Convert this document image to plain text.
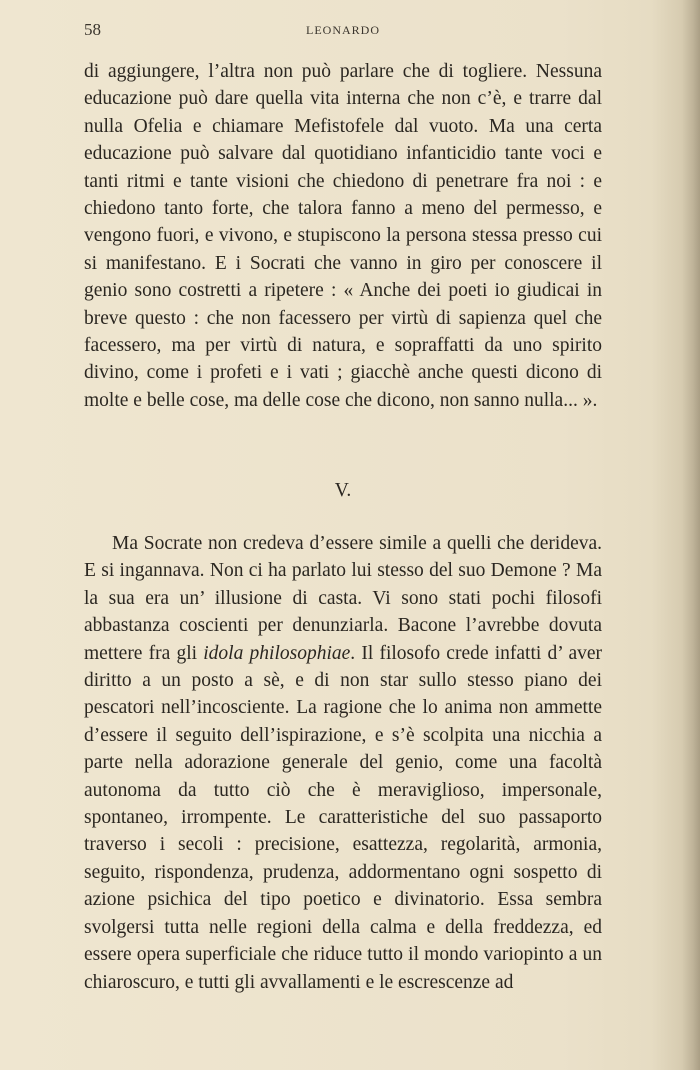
58	LEONARDO

di aggiungere, l’altra non può parlare che di togliere. Nessuna educazione può dare quella vita interna che non c’è, e trarre dal nulla Ofelia e chiamare Mefistofele dal vuoto. Ma una certa educazione può salvare dal quotidiano infanticidio tante voci e tanti ritmi e tante visioni che chiedono di penetrare fra noi : e chiedono tanto forte, che talora fanno a meno del permesso, e vengono fuori, e vivono, e stupiscono la persona stessa presso cui si manifestano. E i Socrati che vanno in giro per conoscere il genio sono costretti a ripetere : « Anche dei poeti io giudicai in breve questo : che non facessero per virtù di sapienza quel che facessero, ma per virtù di natura, e sopraffatti da uno spirito divino, come i profeti e i vati ; giacchè anche questi dicono di molte e belle cose, ma delle cose che dicono, non sanno nulla... ».

V.

Ma Socrate non credeva d’essere simile a quelli che derideva. E si ingannava. Non ci ha parlato lui stesso del suo Demone ? Ma la sua era un’ illusione di casta. Vi sono stati pochi filosofi abbastanza coscienti per denunziarla. Bacone l’avrebbe dovuta mettere fra gli idola philosophiae. Il filosofo crede infatti d’ aver diritto a un posto a sè, e di non star sullo stesso piano dei pescatori nell’incosciente. La ragione che lo anima non ammette d’essere il seguito dell’ispirazione, e s’è scolpita una nicchia a parte nella adorazione generale del genio, come una facoltà autonoma da tutto ciò che è meraviglioso, impersonale, spontaneo, irrompente. Le caratteristiche del suo passaporto traverso i secoli : precisione, esattezza, regolarità, armonia, seguito, rispondenza, prudenza, addormentano ogni sospetto di azione psichica del tipo poetico e divinatorio. Essa sembra svolgersi tutta nelle regioni della calma e della freddezza, ed essere opera superficiale che riduce tutto il mondo variopinto a un chiaroscuro, e tutti gli avvallamenti e le escrescenze ad
